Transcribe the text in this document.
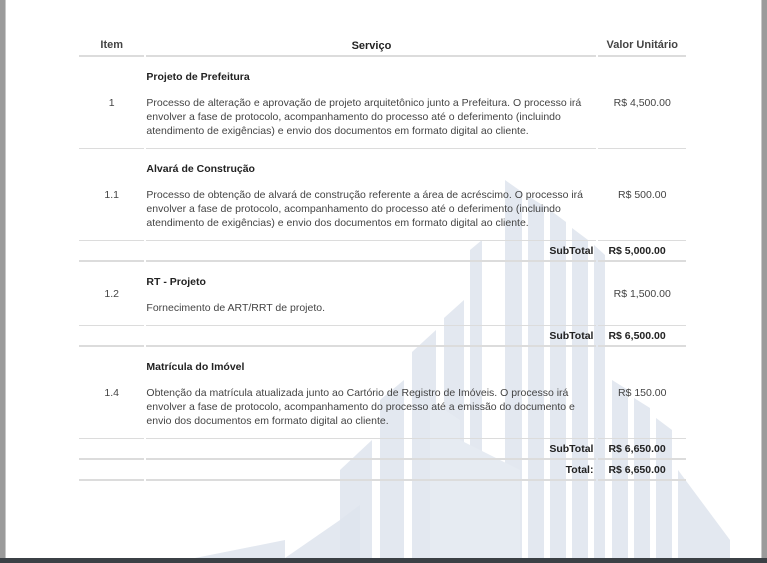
Item	Serviço	Valor Unitário
1	Projeto de Prefeitura
Processo de alteração e aprovação de projeto arquitetônico junto a Prefeitura. O processo irá envolver a fase de protocolo, acompanhamento do processo até o deferimento (incluindo atendimento de exigências) e envio dos documentos em formato digital ao cliente.	R$ 4,500.00
1.1	Alvará de Construção
Processo de obtenção de alvará de construção referente a área de acréscimo. O processo irá envolver a fase de protocolo, acompanhamento do processo até o deferimento (incluindo atendimento de exigências) e envio dos documentos em formato digital ao cliente.	R$ 500.00
	SubTotal	R$ 5,000.00
1.2	RT - Projeto
Fornecimento de ART/RRT de projeto.	R$ 1,500.00
	SubTotal	R$ 6,500.00
1.4	Matrícula do Imóvel
Obtenção da matrícula atualizada junto ao Cartório de Registro de Imóveis. O processo irá envolver a fase de protocolo, acompanhamento do processo até a emissão do documento e envio dos documentos em formato digital ao cliente.	R$ 150.00
	SubTotal	R$ 6,650.00
	Total:	R$ 6,650.00
